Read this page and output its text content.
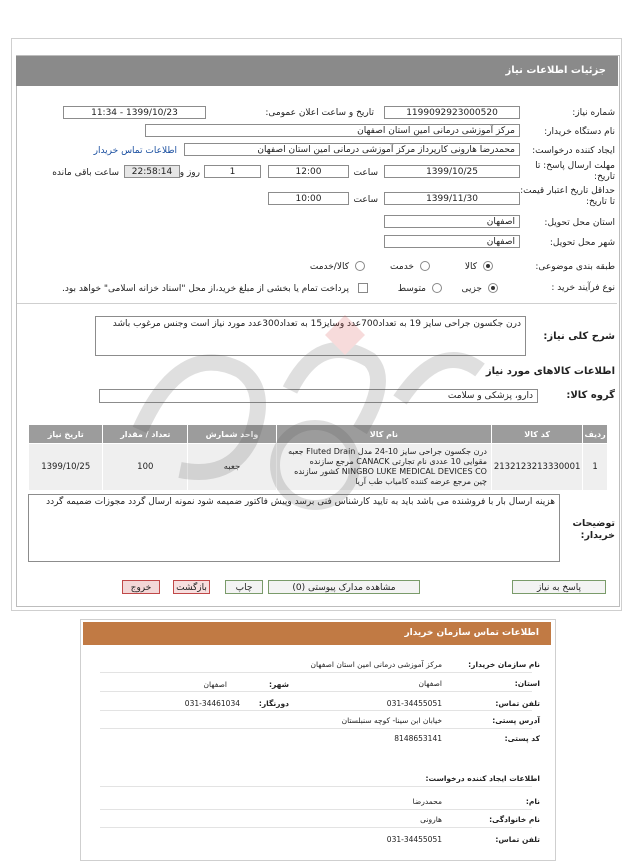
جزئیات اطلاعات نیاز
شماره نیاز:
1199092923000520
تاریخ و ساعت اعلان عمومی:
1399/10/23 - 11:34
نام دستگاه خریدار:
مرکز آموزشی درمانی امین استان اصفهان
ایجاد کننده درخواست:
محمدرضا هارونی کارپرداز مرکز آموزشی درمانی امین استان اصفهان
اطلاعات تماس خریدار
مهلت ارسال پاسخ: تا تاریخ:
1399/10/25
ساعت
12:00
1
روز و
22:58:14
ساعت باقی مانده
حداقل تاریخ اعتبار قیمت: تا تاریخ:
1399/11/30
ساعت
10:00
استان محل تحویل:
اصفهان
شهر محل تحویل:
اصفهان
طبقه بندی موضوعی:
کالا
خدمت
کالا/خدمت
نوع فرآیند خرید :
جزیی
متوسط
پرداخت تمام یا بخشی از مبلغ خرید،از محل "اسناد خزانه اسلامی" خواهد بود.
شرح کلی نیاز:
درن جکسون جراحی سایز 19 به تعداد700عدد وسایز15 به تعداد300عدد مورد نیاز است وجنس مرغوب باشد
اطلاعات کالاهای مورد نیاز
گروه کالا:
دارو، پزشکی و سلامت
ردیف	کد کالا	نام کالا	واحد شمارش	تعداد / مقدار	تاریخ نیاز
1	2132123213330001	درن جکسون جراحی سایز 10-24 مدل Fluted Drain جعبه مقوایی 10 عددی نام تجارتی CANACK مرجع سازنده NINGBO LUKE MEDICAL DEVICES CO کشور سازنده چین مرجع عرضه کننده کامیاب طب آریا	جعبه	100	1399/10/25
توضیحات خریدار:
هزینه ارسال بار با فروشنده می باشد باید به تایید کارشناس فنی برسد وپیش فاکتور ضمیمه شود نمونه ارسال گردد مجوزات ضمیمه گردد
پاسخ به نیاز
مشاهده مدارک پیوستی (0)
چاپ
بازگشت
خروج
اطلاعات تماس سازمان خریدار
نام سازمان خریدار:
مرکز آموزشی درمانی امین استان اصفهان
استان:
اصفهان
تلفن تماس:
031-34455051
شهر:
اصفهان
دورنگار:
031-34461034
آدرس پستی:
خیابان ابن سینا- کوچه سنبلستان
کد پستی:
8148653141
اطلاعات ایجاد کننده درخواست:
نام:
محمدرضا
نام خانوادگی:
هارونی
تلفن تماس:
031-34455051
